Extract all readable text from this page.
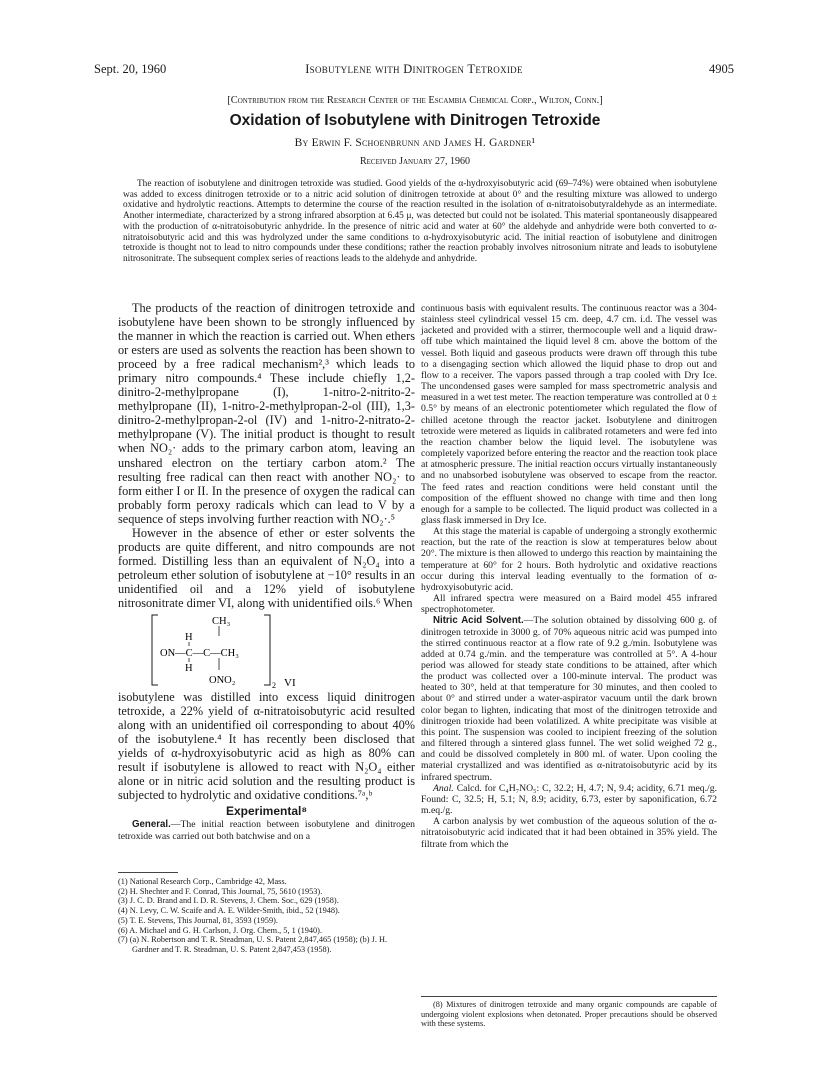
Sept. 20, 1960	Isobutylene with Dinitrogen Tetroxide	4905
[Contribution from the Research Center of the Escambia Chemical Corp., Wilton, Conn.]
Oxidation of Isobutylene with Dinitrogen Tetroxide
By Erwin F. Schoenbrunn and James H. Gardner¹
Received January 27, 1960
The reaction of isobutylene and dinitrogen tetroxide was studied. Good yields of the α-hydroxyisobutyric acid (69–74%) were obtained when isobutylene was added to excess dinitrogen tetroxide or to a nitric acid solution of dinitrogen tetroxide at about 0° and the resulting mixture was allowed to undergo oxidative and hydrolytic reactions. Attempts to determine the course of the reaction resulted in the isolation of α-nitratoisobutyraldehyde as an intermediate. Another intermediate, characterized by a strong infrared absorption at 6.45 μ, was detected but could not be isolated. This material spontaneously disappeared with the production of α-nitratoisobutyric anhydride. In the presence of nitric acid and water at 60° the aldehyde and anhydride were both converted to α-nitratoisobutyric acid and this was hydrolyzed under the same conditions to α-hydroxyisobutyric acid. The initial reaction of isobutylene and dinitrogen tetroxide is thought not to lead to nitro compounds under these conditions; rather the reaction probably involves nitrosonium nitrate and leads to isobutylene nitrosonitrate. The subsequent complex series of reactions leads to the aldehyde and anhydride.

The products of the reaction of dinitrogen tetroxide and isobutylene have been shown to be strongly influenced by the manner in which the reaction is carried out. When ethers or esters are used as solvents the reaction has been shown to proceed by a free radical mechanism²,³ which leads to primary nitro compounds.⁴ These include chiefly 1,2-dinitro-2-methylpropane (I), 1-nitro-2-nitrito-2-methylpropane (II), 1-nitro-2-methylpropan-2-ol (III), 1,3-dinitro-2-methylpropan-2-ol (IV) and 1-nitro-2-nitrato-2-methylpropane (V). The initial product is thought to result when NO₂· adds to the primary carbon atom, leaving an unshared electron on the tertiary carbon atom.² The resulting free radical can then react with another NO₂· to form either I or II. In the presence of oxygen the radical can probably form peroxy radicals which can lead to V by a sequence of steps involving further reaction with NO₂·.⁵

However in the absence of ether or ester solvents the products are quite different, and nitro compounds are not formed. Distilling less than an equivalent of N₂O₄ into a petroleum ether solution of isobutylene at −10° results in an unidentified oil and a 12% yield of isobutylene nitrosonitrate dimer VI, along with unidentified oils.⁶ When

CH₃
H
ON—C—C—CH₃
H
ONO₂	2 VI

isobutylene was distilled into excess liquid dinitrogen tetroxide, a 22% yield of α-nitratoisobutyric acid resulted along with an unidentified oil corresponding to about 40% of the isobutylene.⁴ It has recently been disclosed that yields of α-hydroxyisobutyric acid as high as 80% can result if isobutylene is allowed to react with N₂O₄ either alone or in nitric acid solution and the resulting product is subjected to hydrolytic and oxidative conditions.⁷ᵃ,ᵇ

Experimental⁸

General.—The initial reaction between isobutylene and dinitrogen tetroxide was carried out both batchwise and on a

(1) National Research Corp., Cambridge 42, Mass.
(2) H. Shechter and F. Conrad, This Journal, 75, 5610 (1953).
(3) J. C. D. Brand and I. D. R. Stevens, J. Chem. Soc., 629 (1958).
(4) N. Levy, C. W. Scaife and A. E. Wilder-Smith, ibid., 52 (1948).
(5) T. E. Stevens, This Journal, 81, 3593 (1959).
(6) A. Michael and G. H. Carlson, J. Org. Chem., 5, 1 (1940).
(7) (a) N. Robertson and T. R. Steadman, U. S. Patent 2,847,465 (1958); (b) J. H. Gardner and T. R. Steadman, U. S. Patent 2,847,453 (1958).

continuous basis with equivalent results. The continuous reactor was a 304-stainless steel cylindrical vessel 15 cm. deep, 4.7 cm. i.d. The vessel was jacketed and provided with a stirrer, thermocouple well and a liquid draw-off tube which maintained the liquid level 8 cm. above the bottom of the vessel. Both liquid and gaseous products were drawn off through this tube to a disengaging section which allowed the liquid phase to drop out and flow to a receiver. The vapors passed through a trap cooled with Dry Ice. The uncondensed gases were sampled for mass spectrometric analysis and measured in a wet test meter. The reaction temperature was controlled at 0 ± 0.5° by means of an electronic potentiometer which regulated the flow of chilled acetone through the reactor jacket. Isobutylene and dinitrogen tetroxide were metered as liquids in calibrated rotameters and were fed into the reaction chamber below the liquid level. The isobutylene was completely vaporized before entering the reactor and the reaction took place at atmospheric pressure. The initial reaction occurs virtually instantaneously and no unabsorbed isobutylene was observed to escape from the reactor. The feed rates and reaction conditions were held constant until the composition of the effluent showed no change with time and then long enough for a sample to be collected. The liquid product was collected in a glass flask immersed in Dry Ice.

At this stage the material is capable of undergoing a strongly exothermic reaction, but the rate of the reaction is slow at temperatures below about 20°. The mixture is then allowed to undergo this reaction by maintaining the temperature at 60° for 2 hours. Both hydrolytic and oxidative reactions occur during this interval leading eventually to the formation of α-hydroxyisobutyric acid.

All infrared spectra were measured on a Baird model 455 infrared spectrophotometer.

Nitric Acid Solvent.—The solution obtained by dissolving 600 g. of dinitrogen tetroxide in 3000 g. of 70% aqueous nitric acid was pumped into the stirred continuous reactor at a flow rate of 9.2 g./min. Isobutylene was added at 0.74 g./min. and the temperature was controlled at 5°. A 4-hour period was allowed for steady state conditions to be attained, after which the product was collected over a 100-minute interval. The product was heated to 30°, held at that temperature for 30 minutes, and then cooled to about 0° and stirred under a water-aspirator vacuum until the dark brown color began to lighten, indicating that most of the dinitrogen tetroxide and dinitrogen trioxide had been volatilized. A white precipitate was visible at this point. The suspension was cooled to incipient freezing of the solution and filtered through a sintered glass funnel. The wet solid weighed 72 g., and could be dissolved completely in 800 ml. of water. Upon cooling the material crystallized and was identified as α-nitratoisobutyric acid by its infrared spectrum.

Anal. Calcd. for C₄H₇NO₅: C, 32.2; H, 4.7; N, 9.4; acidity, 6.71 meq./g. Found: C, 32.5; H, 5.1; N, 8.9; acidity, 6.73, ester by saponification, 6.72 m.eq./g.

A carbon analysis by wet combustion of the aqueous solution of the α-nitratoisobutyric acid indicated that it had been obtained in 35% yield. The filtrate from which the

(8) Mixtures of dinitrogen tetroxide and many organic compounds are capable of undergoing violent explosions when detonated. Proper precautions should be observed with these systems.
